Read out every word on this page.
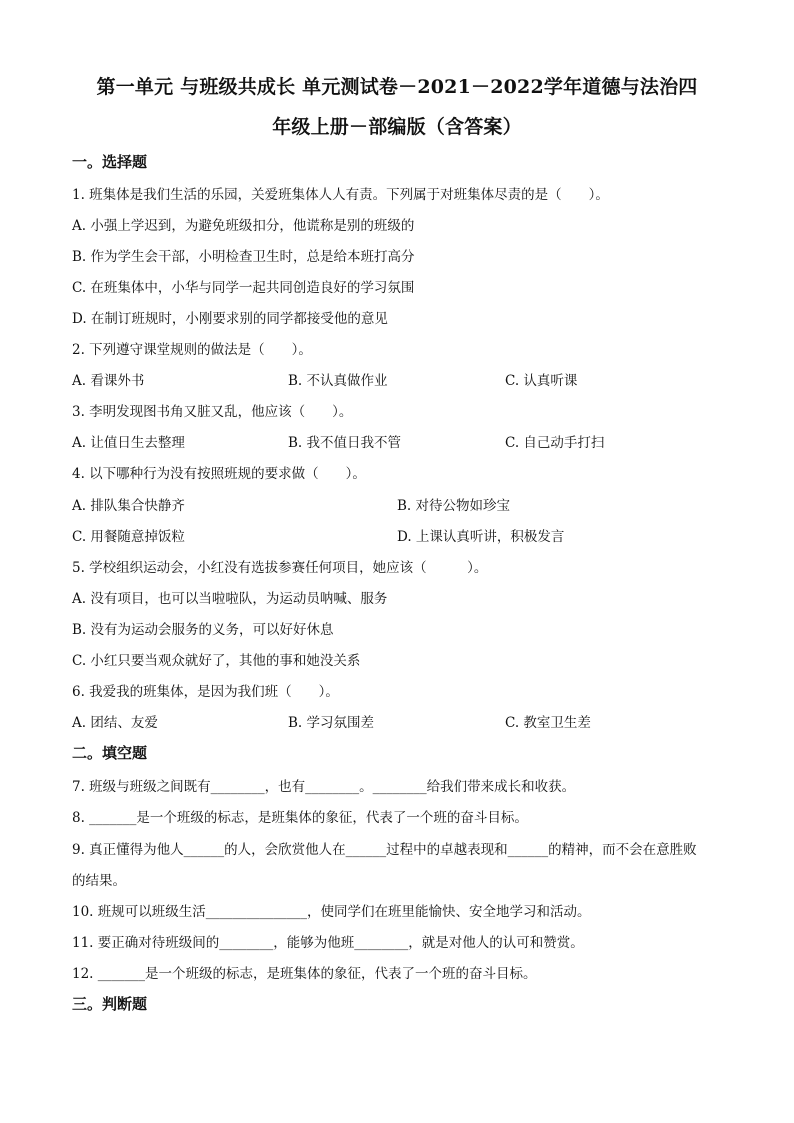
第一单元 与班级共成长 单元测试卷－2021－2022学年道德与法治四
年级上册－部编版（含答案）
一。选择题
1. 班集体是我们生活的乐园，关爱班集体人人有责。下列属于对班集体尽责的是（　　）。
A. 小强上学迟到，为避免班级扣分，他谎称是别的班级的
B. 作为学生会干部，小明检查卫生时，总是给本班打高分
C. 在班集体中，小华与同学一起共同创造良好的学习氛围
D. 在制订班规时，小刚要求别的同学都接受他的意见
2. 下列遵守课堂规则的做法是（　　）。
A. 看课外书	B. 不认真做作业	C. 认真听课
3. 李明发现图书角又脏又乱，他应该（　　）。
A. 让值日生去整理	B. 我不值日我不管	C. 自己动手打扫
4. 以下哪种行为没有按照班规的要求做（　　）。
A. 排队集合快静齐	B. 对待公物如珍宝
C. 用餐随意掉饭粒	D. 上课认真听讲，积极发言
5. 学校组织运动会，小红没有选拔参赛任何项目，她应该（　　　）。
A. 没有项目，也可以当啦啦队，为运动员呐喊、服务
B. 没有为运动会服务的义务，可以好好休息
C. 小红只要当观众就好了，其他的事和她没关系
6. 我爱我的班集体，是因为我们班（　　）。
A. 团结、友爱	B. 学习氛围差	C. 教室卫生差
二。填空题
7. 班级与班级之间既有________，也有________。________给我们带来成长和收获。
8. _______是一个班级的标志，是班集体的象征，代表了一个班的奋斗目标。
9. 真正懂得为他人______的人，会欣赏他人在______过程中的卓越表现和______的精神，而不会在意胜败
的结果。
10. 班规可以班级生活_______________，使同学们在班里能愉快、安全地学习和活动。
11. 要正确对待班级间的________，能够为他班________，就是对他人的认可和赞赏。
12. _______是一个班级的标志，是班集体的象征，代表了一个班的奋斗目标。
三。判断题
